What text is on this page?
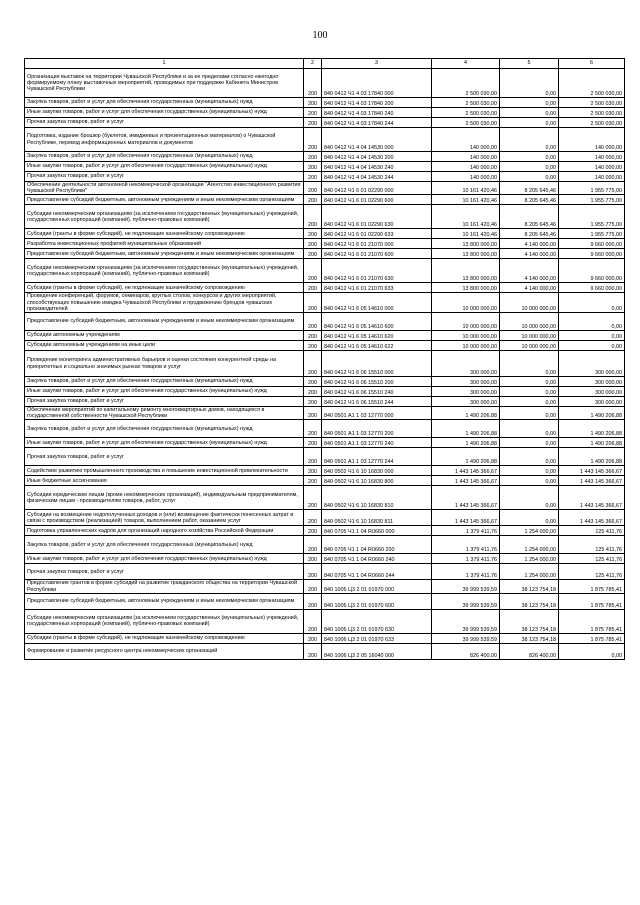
100
1	2	3	4	5	6
Организация выставок на территории Чувашской Республики и за ее пределами согласно ежегодно формируемому плану выставочных мероприятий, проводимых при поддержке Кабинета Министров Чувашской Республики	200	840 0412 Ч1 4 03 17840 000	2 500 030,00	0,00	2 500 030,00
Закупка товаров, работ и услуг для обеспечения государственных (муниципальных) нужд	200	840 0412 Ч1 4 03 17840 200	2 500 030,00	0,00	2 500 030,00
Иные закупки товаров, работ и услуг для обеспечения государственных (муниципальных) нужд	200	840 0412 Ч1 4 03 17840 240	2 500 030,00	0,00	2 500 030,00
Прочая закупка товаров, работ и услуг	200	840 0412 Ч1 4 03 17840 244	2 500 030,00	0,00	2 500 030,00
Подготовка, издание брошюр (буклетов, имиджевых и презентационных материалов) о Чувашской Республике, перевод информационных материалов и документов	200	840 0412 Ч1 4 04 14530 000	140 000,00	0,00	140 000,00
Закупка товаров, работ и услуг для обеспечения государственных (муниципальных) нужд	200	840 0412 Ч1 4 04 14530 200	140 000,00	0,00	140 000,00
Иные закупки товаров, работ и услуг для обеспечения государственных (муниципальных) нужд	200	840 0412 Ч1 4 04 14530 240	140 000,00	0,00	140 000,00
Прочая закупка товаров, работ и услуг	200	840 0412 Ч1 4 04 14530 244	140 000,00	0,00	140 000,00
Обеспечение деятельности автономной некоммерческой организации "Агентство инвестиционного развития Чувашской Республики"	200	840 0412 Ч1 6 01 02290 000	10 161 420,46	8 205 645,46	1 955 775,00
Предоставление субсидий бюджетным, автономным учреждениям и иным некоммерческим организациям	200	840 0412 Ч1 6 01 02290 600	10 161 420,46	8 205 645,46	1 955 775,00
Субсидии некоммерческим организациям (за исключением государственных (муниципальных) учреждений, государственных корпораций (компаний), публично-правовых компаний)	200	840 0412 Ч1 6 01 02290 630	10 161 420,46	8 205 645,46	1 955 775,00
Субсидии (гранты в форме субсидий), не подлежащие казначейскому сопровождению	200	840 0412 Ч1 6 01 02290 633	10 161 420,46	8 205 645,46	1 955 775,00
Разработка инвестиционных профилей муниципальных образований	200	840 0412 Ч1 6 01 21070 000	13 800 000,00	4 140 000,00	9 660 000,00
Предоставление субсидий бюджетным, автономным учреждениям и иным некоммерческим организациям	200	840 0412 Ч1 6 01 21070 600	13 800 000,00	4 140 000,00	9 660 000,00
Субсидии некоммерческим организациям (за исключением государственных (муниципальных) учреждений, государственных корпораций (компаний), публично-правовых компаний)	200	840 0412 Ч1 6 01 21070 630	13 800 000,00	4 140 000,00	9 660 000,00
Субсидии (гранты в форме субсидий), не подлежащие казначейскому сопровождению	200	840 0412 Ч1 6 01 21070 633	13 800 000,00	4 140 000,00	9 660 000,00
Проведение конференций, форумов, семинаров, круглых столов, конкурсов и других мероприятий, способствующих повышению имиджа Чувашской Республики и продвижению брендов чувашских производителей	200	840 0412 Ч1 6 05 14610 000	10 000 000,00	10 000 000,00	0,00
Предоставление субсидий бюджетным, автономным учреждениям и иным некоммерческим организациям	200	840 0412 Ч1 6 05 14610 600	10 000 000,00	10 000 000,00	0,00
Субсидии автономным учреждениям	200	840 0412 Ч1 6 05 14610 620	10 000 000,00	10 000 000,00	0,00
Субсидии автономным учреждениям на иные цели	200	840 0412 Ч1 6 05 14610 622	10 000 000,00	10 000 000,00	0,00
Проведение мониторинга административных барьеров и оценки состояния конкурентной среды на приоритетных и социально значимых рынках товаров и услуг	200	840 0412 Ч1 6 06 15510 000	300 000,00	0,00	300 000,00
Закупка товаров, работ и услуг для обеспечения государственных (муниципальных) нужд	200	840 0412 Ч1 6 06 15510 200	300 000,00	0,00	300 000,00
Иные закупки товаров, работ и услуг для обеспечения государственных (муниципальных) нужд	200	840 0412 Ч1 6 06 15510 240	300 000,00	0,00	300 000,00
Прочая закупка товаров, работ и услуг	200	840 0412 Ч1 6 06 15510 244	300 000,00	0,00	300 000,00
Обеспечение мероприятий по капитальному ремонту многоквартирных домов, находящихся в государственной собственности Чувашской Республики	200	840 0501 А1 1 03 12770 000	1 490 206,88	0,00	1 490 206,88
Закупка товаров, работ и услуг для обеспечения государственных (муниципальных) нужд	200	840 0501 А1 1 03 12770 200	1 490 206,88	0,00	1 490 206,88
Иные закупки товаров, работ и услуг для обеспечения государственных (муниципальных) нужд	200	840 0501 А1 1 03 12770 240	1 490 206,88	0,00	1 490 206,88
Прочая закупка товаров, работ и услуг	200	840 0501 А1 1 03 12770 244	1 490 206,88	0,00	1 490 206,88
Содействие развитию промышленного производства и повышение инвестиционной привлекательности	200	840 0502 Ч1 6 10 16830 000	1 443 145 366,67	0,00	1 443 145 366,67
Иные бюджетные ассигнования	200	840 0502 Ч1 6 10 16830 800	1 443 145 366,67	0,00	1 443 145 366,67
Субсидии юридическим лицам (кроме некоммерческих организаций), индивидуальным предпринимателям, физическим лицам - производителям товаров, работ, услуг	200	840 0502 Ч1 6 10 16830 810	1 443 145 366,67	0,00	1 443 145 366,67
Субсидии на возмещение недополученных доходов и (или) возмещение фактически понесенных затрат в связи с производством (реализацией) товаров, выполнением работ, оказанием услуг	200	840 0502 Ч1 6 10 16830 811	1 443 145 366,67	0,00	1 443 145 366,67
Подготовка управленческих кадров для организаций народного хозяйства Российской Федерации	200	840 0705 Ч1 1 04 R0660 000	1 379 411,76	1 254 000,00	125 411,76
Закупка товаров, работ и услуг для обеспечения государственных (муниципальных) нужд	200	840 0705 Ч1 1 04 R0660 200	1 379 411,76	1 254 000,00	125 411,76
Иные закупки товаров, работ и услуг для обеспечения государственных (муниципальных) нужд	200	840 0705 Ч1 1 04 R0660 240	1 379 411,76	1 254 000,00	125 411,76
Прочая закупка товаров, работ и услуг	200	840 0705 Ч1 1 04 R0660 244	1 379 411,76	1 254 000,00	125 411,76
Предоставление грантов в форме субсидий на развитие гражданского общества на территории Чувашской Республики	200	840 1006 Ц3 2 01 01970 000	39 999 539,59	38 123 754,18	1 875 785,41
Предоставление субсидий бюджетным, автономным учреждениям и иным некоммерческим организациям	200	840 1006 Ц3 2 01 01970 600	39 999 539,59	38 123 754,18	1 875 785,41
Субсидии некоммерческим организациям (за исключением государственных (муниципальных) учреждений, государственных корпораций (компаний), публично-правовых компаний)	200	840 1006 Ц3 2 01 01970 630	39 999 539,59	38 123 754,18	1 875 785,41
Субсидии (гранты в форме субсидий), не подлежащие казначейскому сопровождению	200	840 1006 Ц3 2 01 01970 633	39 999 539,59	38 123 754,18	1 875 785,41
Формирование и развитие ресурсного центра некоммерческих организаций	200	840 1006 Ц3 2 05 16040 000	826 400,00	826 400,00	0,00
